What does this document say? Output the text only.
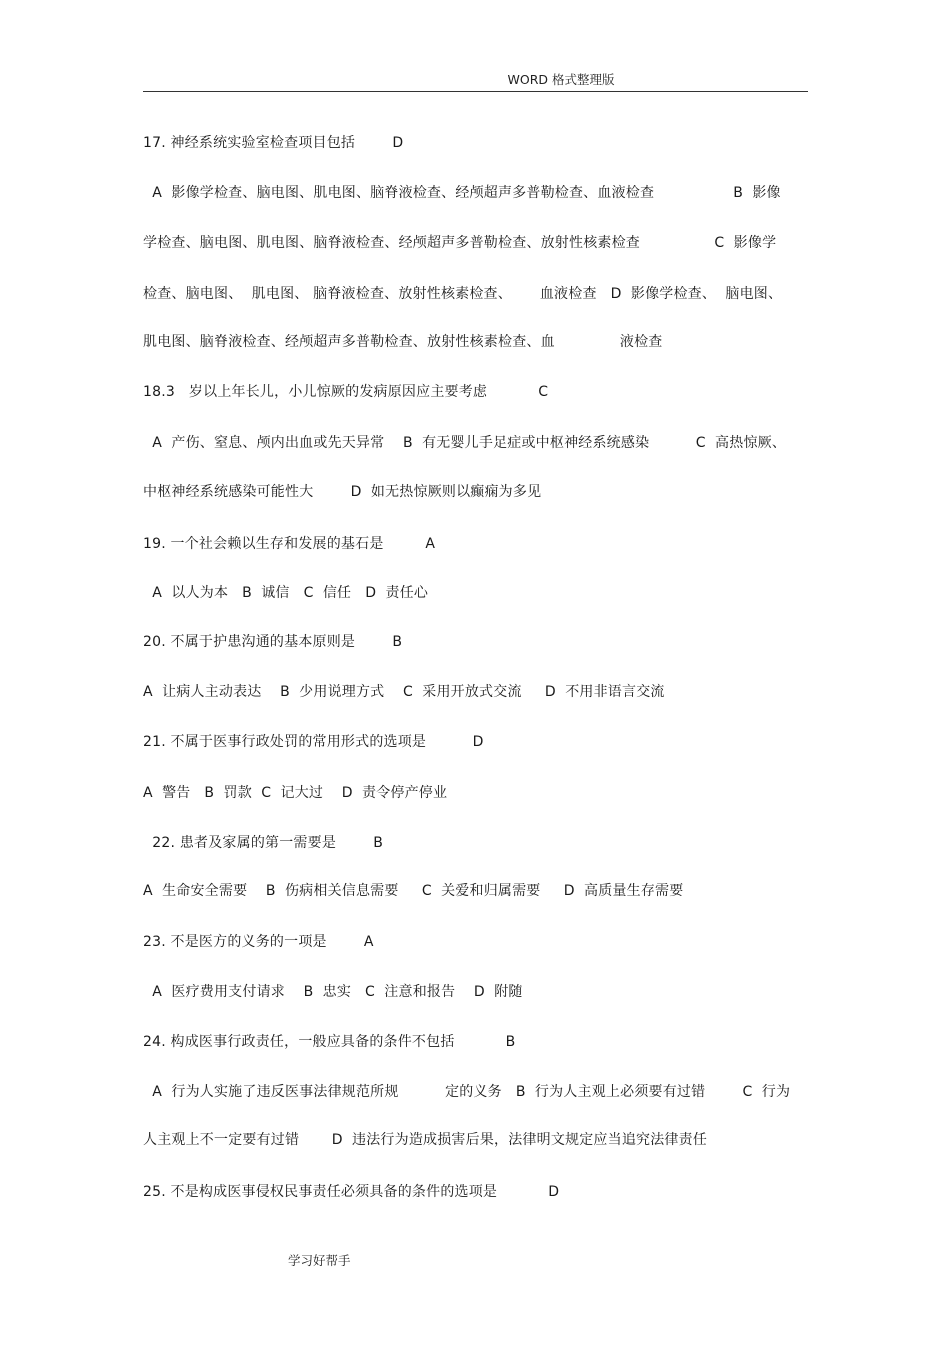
WORD 格式整理版
17. 神经系统实验室检查项目包括        D
A  影像学检查、脑电图、肌电图、脑脊液检查、经颅超声多普勒检查、血液检查                 B  影像
学检查、脑电图、肌电图、脑脊液检查、经颅超声多普勒检查、放射性核素检查                C  影像学
检查、脑电图、  肌电图、 脑脊液检查、放射性核素检查、      血液检查   D  影像学检查、  脑电图、
肌电图、脑脊液检查、经颅超声多普勒检查、放射性核素检查、血              液检查
18.3   岁以上年长儿，小儿惊厥的发病原因应主要考虑           C
A  产伤、窒息、颅内出血或先天异常    B  有无婴儿手足症或中枢神经系统感染          C  高热惊厥、
中枢神经系统感染可能性大        D  如无热惊厥则以癫痫为多见
19. 一个社会赖以生存和发展的基石是         A
A  以人为本   B  诚信   C  信任   D  责任心
20. 不属于护患沟通的基本原则是        B
A  让病人主动表达    B  少用说理方式    C  采用开放式交流     D  不用非语言交流
21. 不属于医事行政处罚的常用形式的选项是          D
A  警告   B  罚款  C  记大过    D  责令停产停业
22. 患者及家属的第一需要是        B
A  生命安全需要    B  伤病相关信息需要     C  关爱和归属需要     D  高质量生存需要
23. 不是医方的义务的一项是        A
A  医疗费用支付请求    B  忠实   C  注意和报告    D  附随
24. 构成医事行政责任，一般应具备的条件不包括           B
A  行为人实施了违反医事法律规范所规          定的义务   B  行为人主观上必须要有过错        C  行为
人主观上不一定要有过错       D  违法行为造成损害后果，法律明文规定应当追究法律责任
25. 不是构成医事侵权民事责任必须具备的条件的选项是           D
学习好帮手
